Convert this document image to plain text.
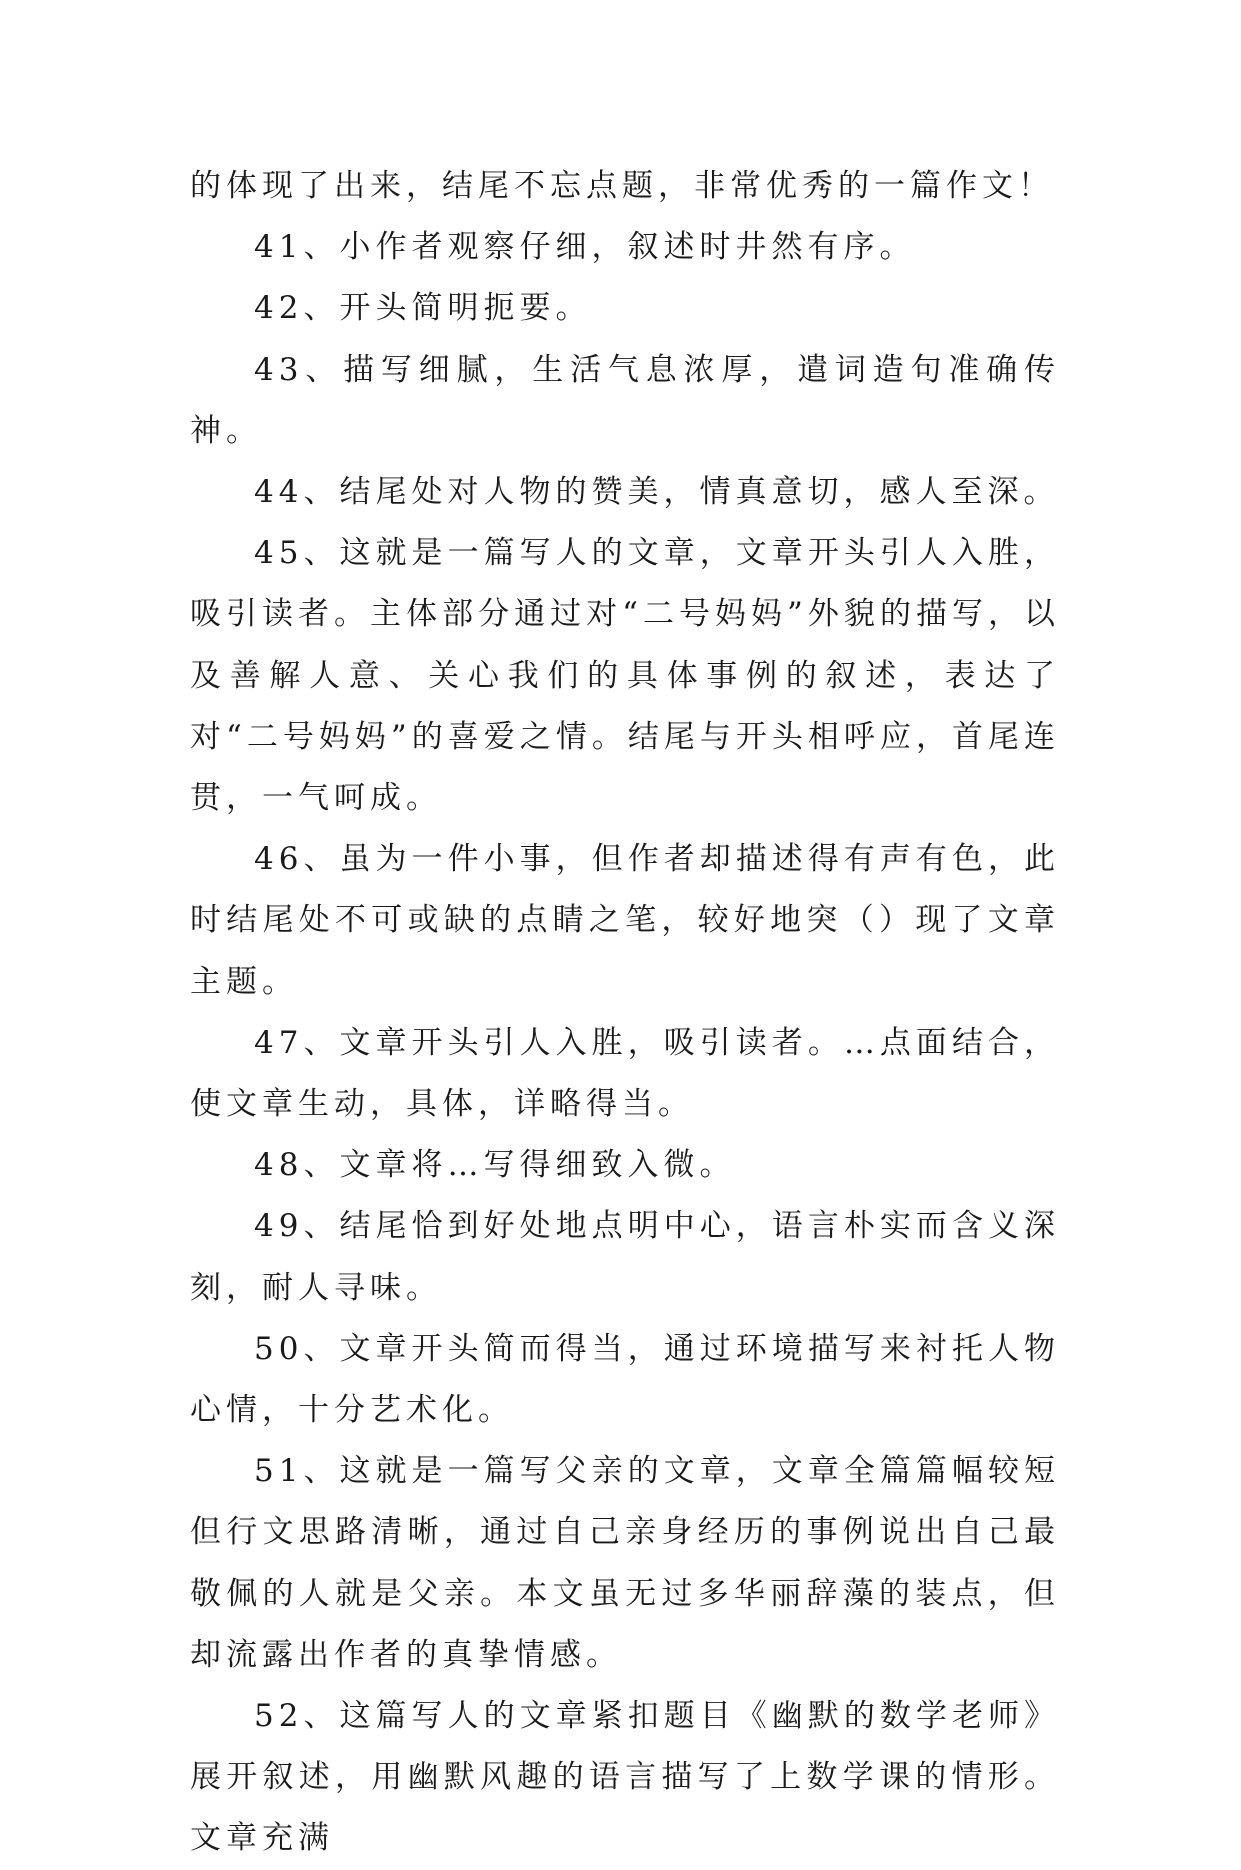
的体现了出来，结尾不忘点题，非常优秀的一篇作文！

41、小作者观察仔细，叙述时井然有序。

42、开头简明扼要。

43、描写细腻，生活气息浓厚，遣词造句准确传神。

44、结尾处对人物的赞美，情真意切，感人至深。

45、这就是一篇写人的文章，文章开头引人入胜，吸引读者。主体部分通过对“二号妈妈”外貌的描写，以及善解人意、关心我们的具体事例的叙述，表达了对“二号妈妈”的喜爱之情。结尾与开头相呼应，首尾连贯，一气呵成。

46、虽为一件小事，但作者却描述得有声有色，此时结尾处不可或缺的点睛之笔，较好地突（）现了文章主题。

47、文章开头引人入胜，吸引读者。…点面结合，使文章生动，具体，详略得当。

48、文章将…写得细致入微。

49、结尾恰到好处地点明中心，语言朴实而含义深刻，耐人寻味。

50、文章开头简而得当，通过环境描写来衬托人物心情，十分艺术化。

51、这就是一篇写父亲的文章，文章全篇篇幅较短但行文思路清晰，通过自己亲身经历的事例说出自己最敬佩的人就是父亲。本文虽无过多华丽辞藻的装点，但却流露出作者的真挚情感。

52、这篇写人的文章紧扣题目《幽默的数学老师》展开叙述，用幽默风趣的语言描写了上数学课的情形。文章充满
